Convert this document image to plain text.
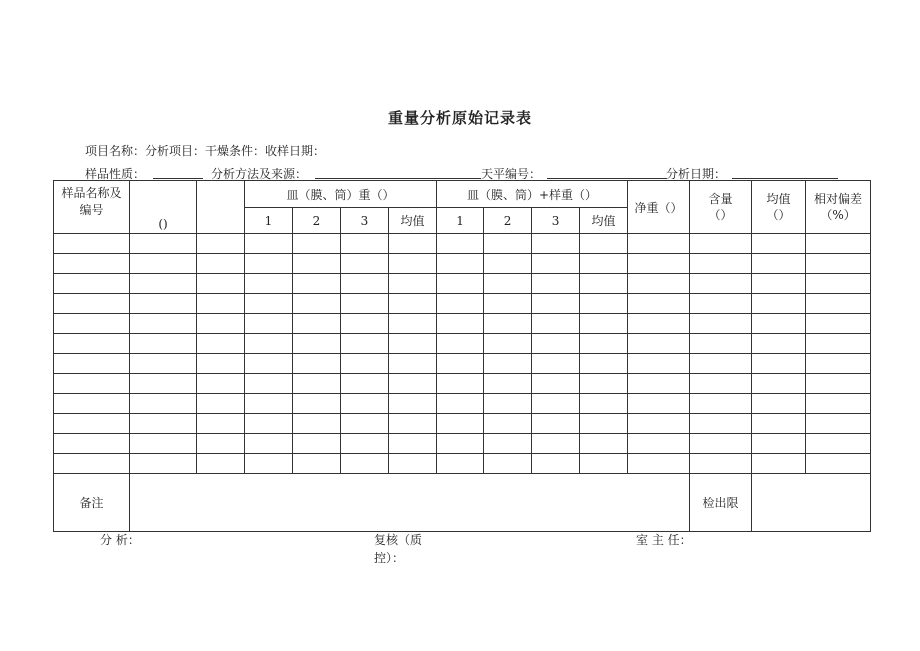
重量分析原始记录表
项目名称：分析项目：干燥条件：收样日期：
样品性质：	分析方法及来源：	天平编号：	分析日期：
样品名称及编号	()		皿（膜、筒）重（）				皿（膜、筒）+样重（）				净重（）	含量（）	均值（）	相对偏差（%）

			1	2	3	均值	1	2	3	均值				

备注												检出限		
分 析：	复核（质控）：
室 主 任：
